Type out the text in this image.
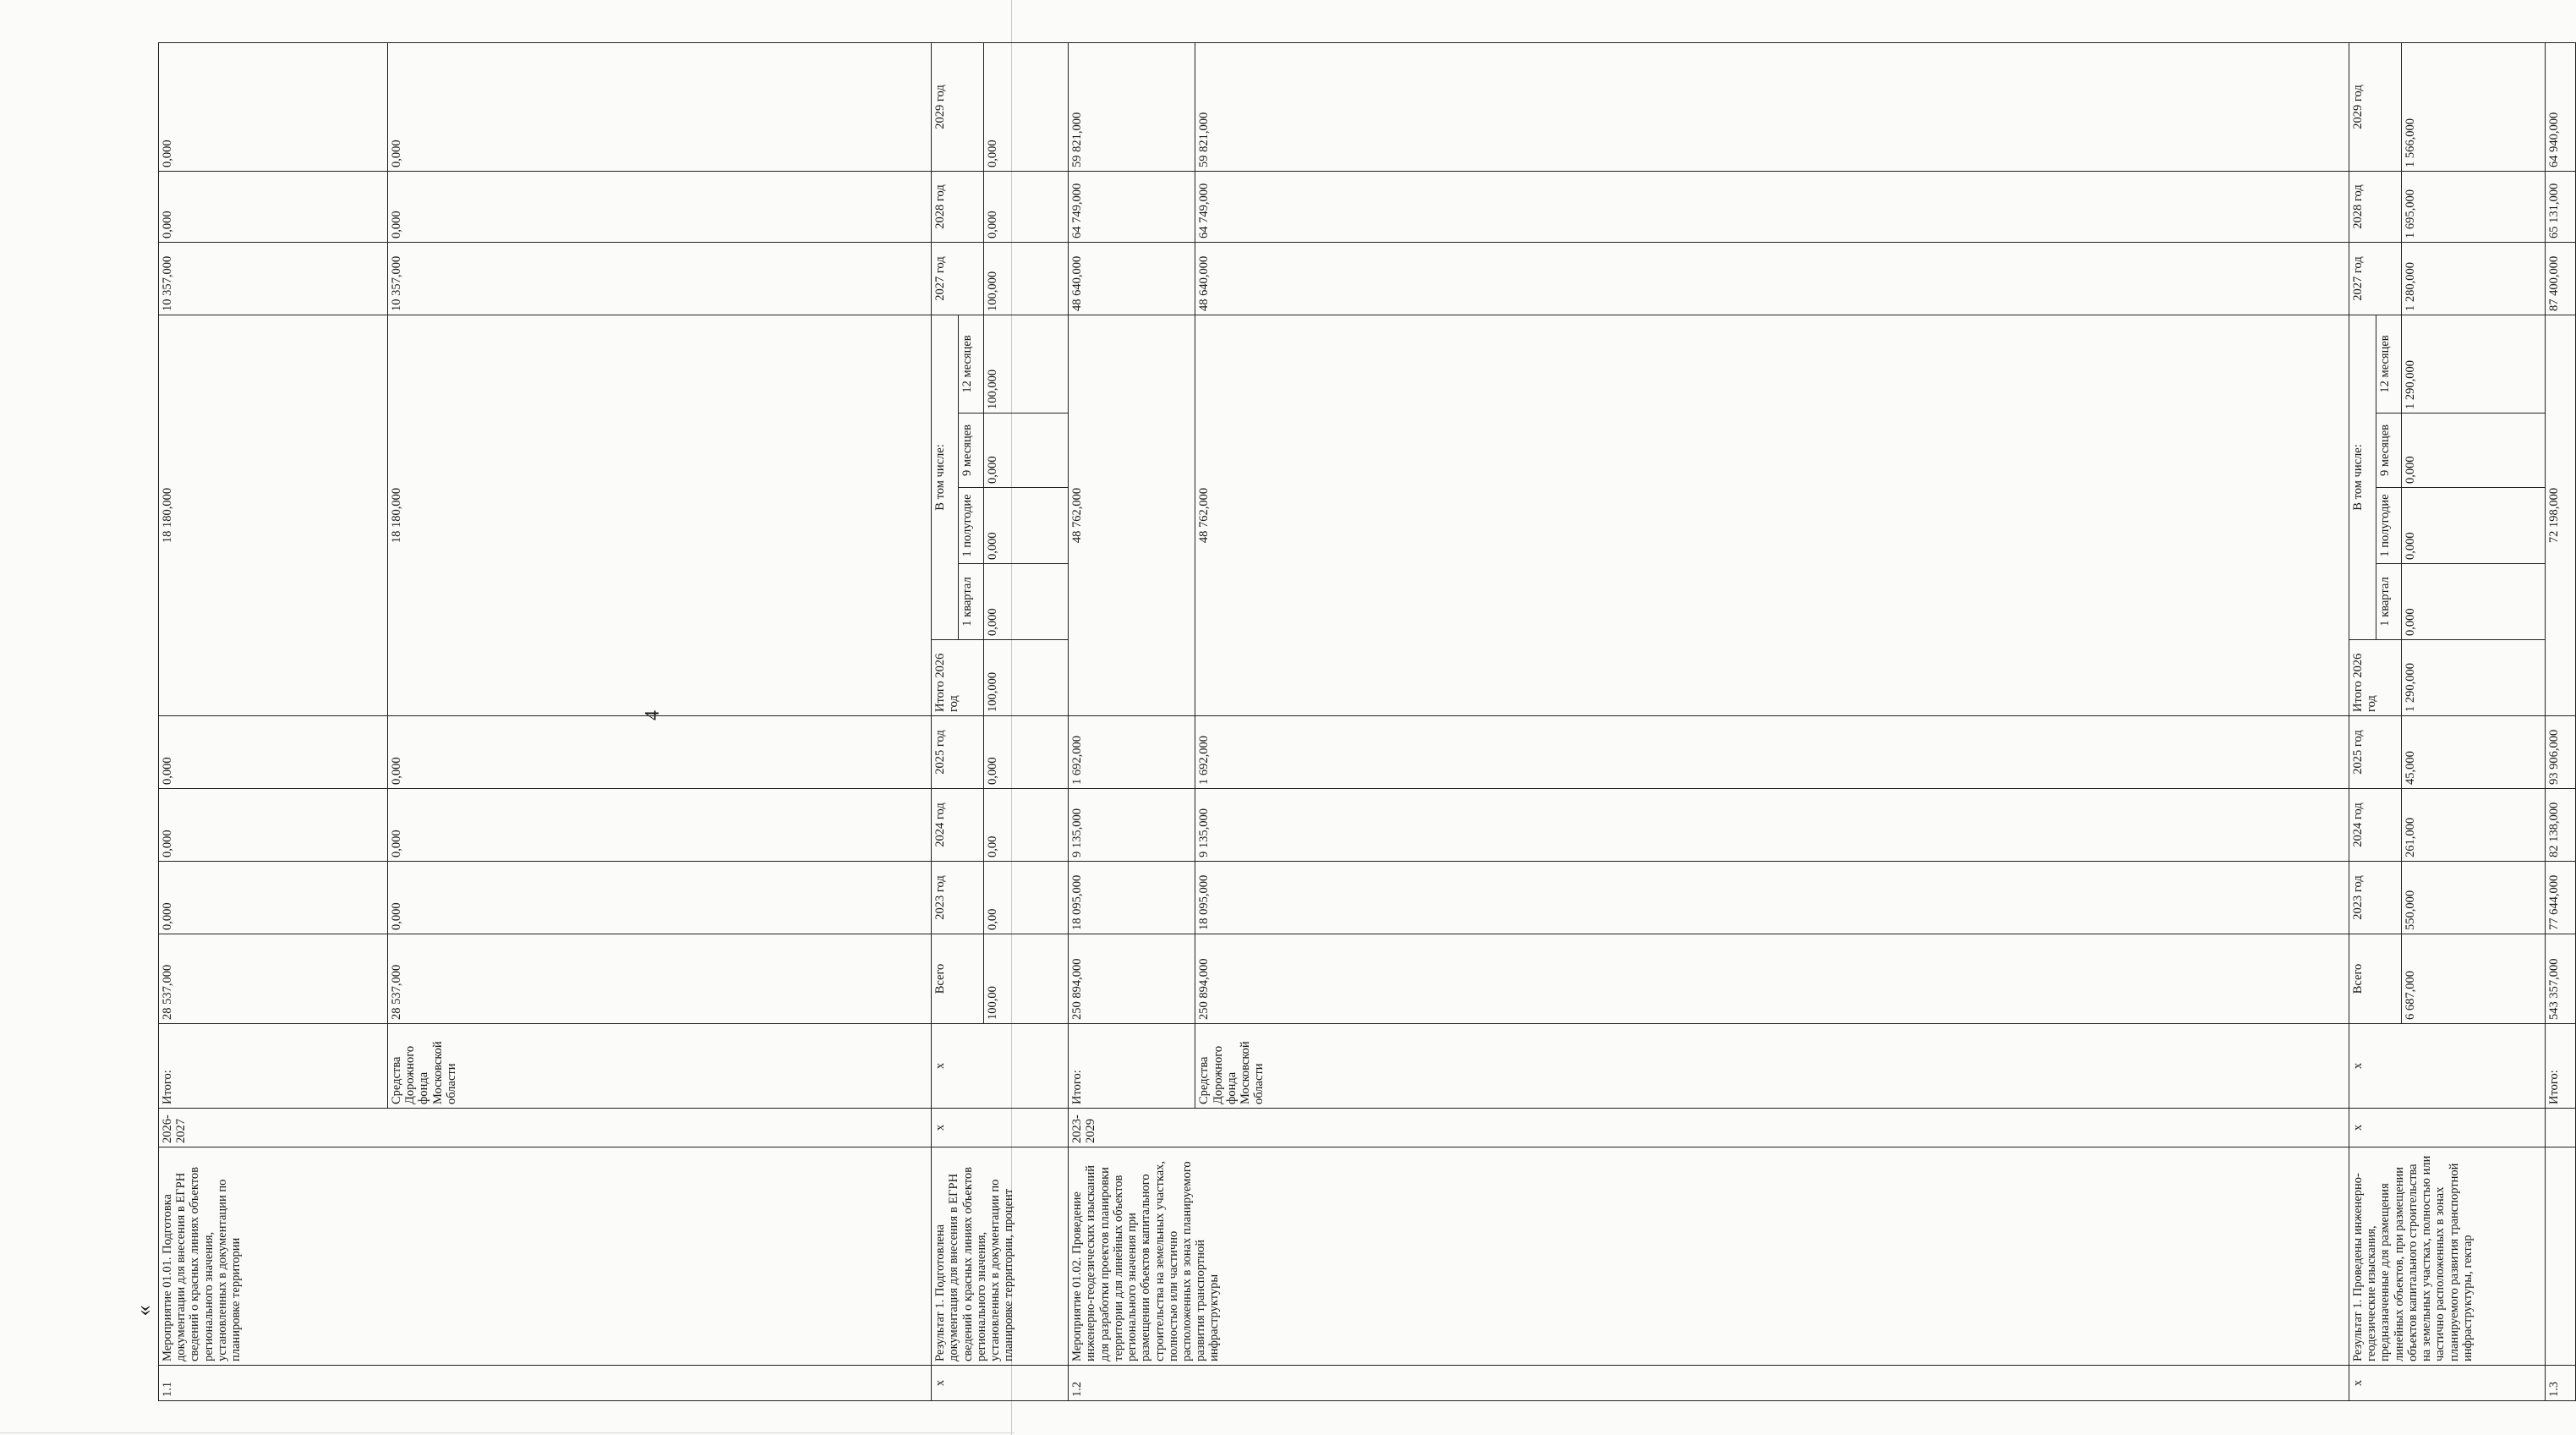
4
«
1.1	Мероприятие 01.01. Подготовка документации для внесения в ЕГРН сведений о красных линиях объектов регионального значения, установленных в документации по планировке территории	2026-2027	Итого:	28 537,000	0,000	0,000	0,000	18 180,000					10 357,000	0,000	0,000	
			Средства Дорожного фонда Московской области	28 537,000	0,000	0,000	0,000	18 180,000					10 357,000	0,000	0,000	
х	Результат 1. Подготовлена документация для внесения в ЕГРН сведений о красных линиях объектов регионального значения, установленных в документации по планировке территории, процент	х	х	Всего	2023 год	2024 год	2025 год	Итого 2026 год	В том числе:				2027 год	2028 год	2029 год	
									1 квартал	1 полугодие	9 месяцев	12 месяцев				
				100,00	0,00	0,00	0,000	100,000	0,000	0,000	0,000	100,000	100,000	0,000	0,000	
1.2	Мероприятие 01.02. Проведение инженерно-геодезических изысканий для разработки проектов планировки территории для линейных объектов регионального значения при размещении объектов капитального строительства на земельных участках, полностью или частично расположенных в зонах планируемого развития транспортной инфраструктуры	2023-2029	Итого:	250 894,000	18 095,000	9 135,000	1 692,000	48 762,000					48 640,000	64 749,000	59 821,000	
			Средства Дорожного фонда Московской области	250 894,000	18 095,000	9 135,000	1 692,000	48 762,000					48 640,000	64 749,000	59 821,000	
х	Результат 1. Проведены инженерно-геодезические изыскания, предназначенные для размещения линейных объектов, при размещении объектов капитального строительства на земельных участках, полностью или частично расположенных в зонах планируемого развития транспортной инфраструктуры, гектар	х	х	Всего	2023 год	2024 год	2025 год	Итого 2026 год	В том числе:				2027 год	2028 год	2029 год	
									1 квартал	1 полугодие	9 месяцев	12 месяцев				
				6 687,000	550,000	261,000	45,000	1 290,000	0,000	0,000	0,000	1 290,000	1 280,000	1 695,000	1 566,000	
1.3			Итого:	543 357,000	77 644,000	82 138,000	93 906,000	72 198,000					87 400,000	65 131,000	64 940,000	
